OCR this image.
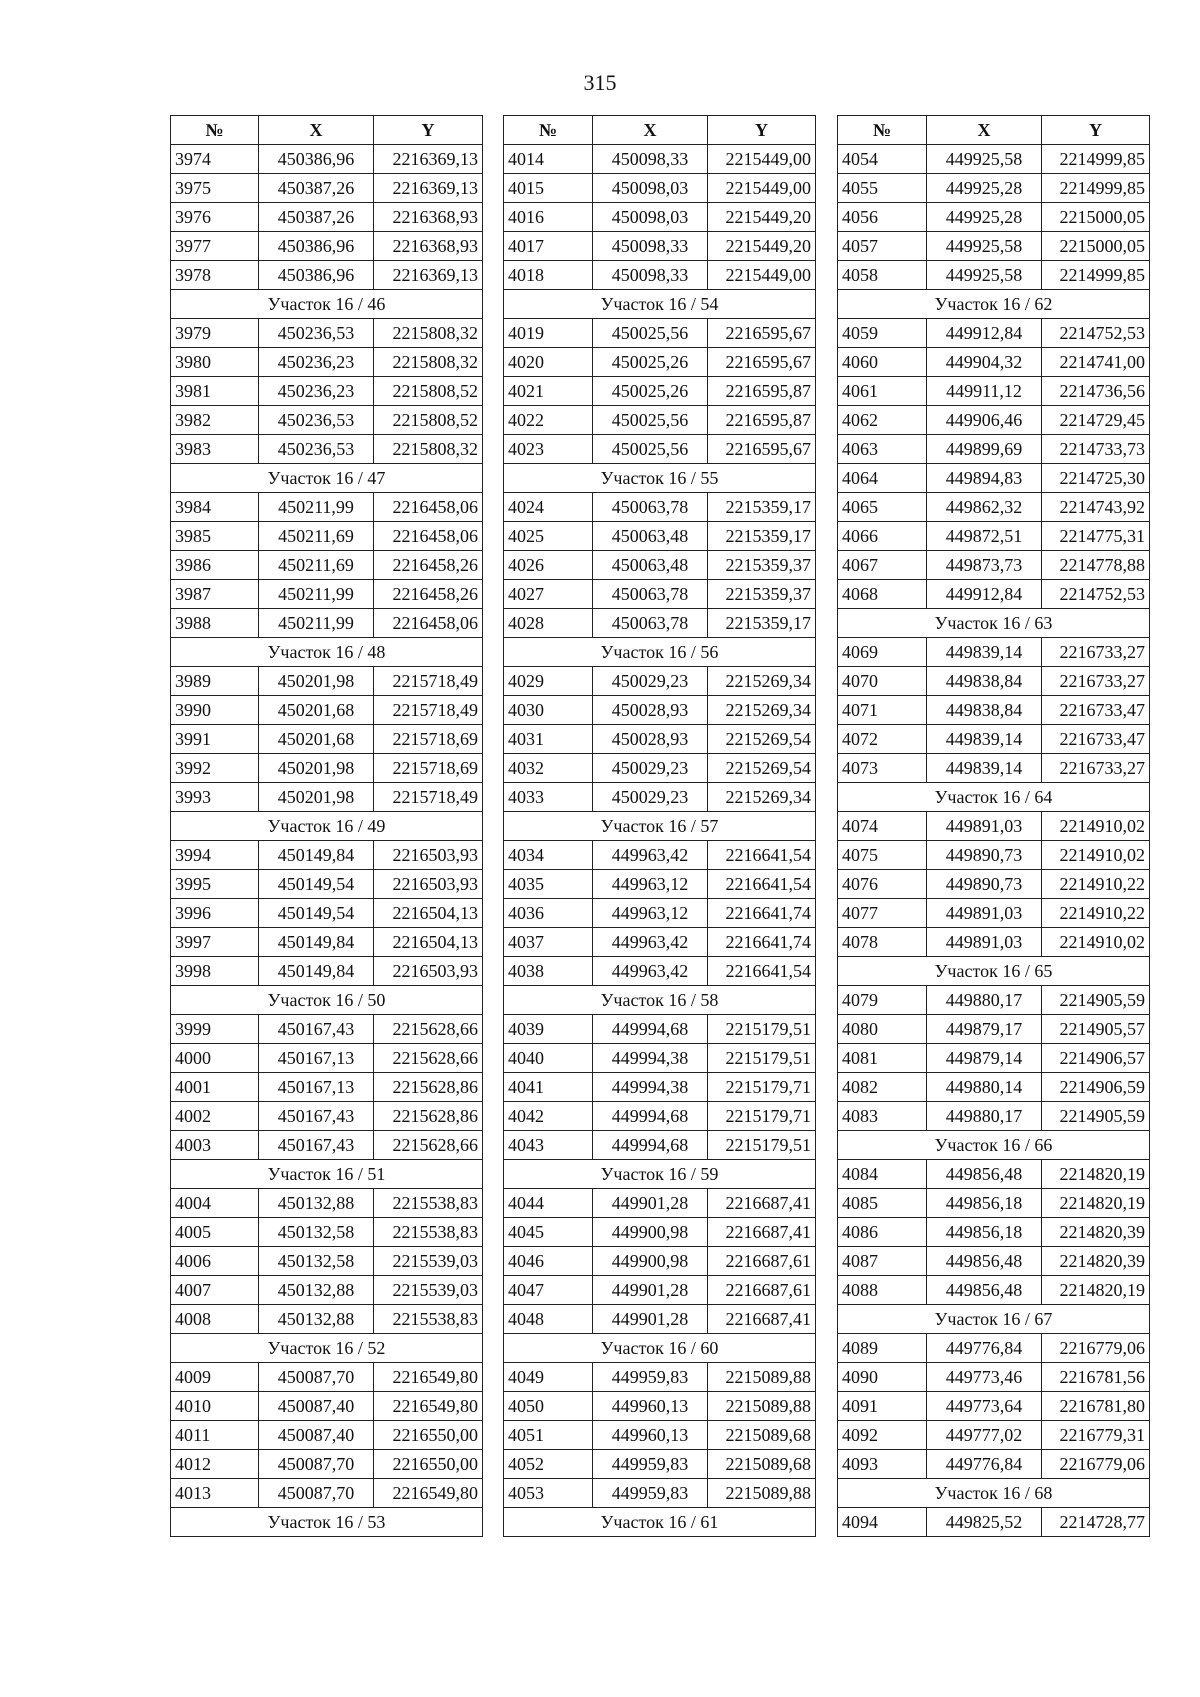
315
№	X	Y
3974	450386,96	2216369,13
3975	450387,26	2216369,13
3976	450387,26	2216368,93
3977	450386,96	2216368,93
3978	450386,96	2216369,13
Участок 16 / 46		
3979	450236,53	2215808,32
3980	450236,23	2215808,32
3981	450236,23	2215808,52
3982	450236,53	2215808,52
3983	450236,53	2215808,32
Участок 16 / 47		
3984	450211,99	2216458,06
3985	450211,69	2216458,06
3986	450211,69	2216458,26
3987	450211,99	2216458,26
3988	450211,99	2216458,06
Участок 16 / 48		
3989	450201,98	2215718,49
3990	450201,68	2215718,49
3991	450201,68	2215718,69
3992	450201,98	2215718,69
3993	450201,98	2215718,49
Участок 16 / 49		
3994	450149,84	2216503,93
3995	450149,54	2216503,93
3996	450149,54	2216504,13
3997	450149,84	2216504,13
3998	450149,84	2216503,93
Участок 16 / 50		
3999	450167,43	2215628,66
4000	450167,13	2215628,66
4001	450167,13	2215628,86
4002	450167,43	2215628,86
4003	450167,43	2215628,66
Участок 16 / 51		
4004	450132,88	2215538,83
4005	450132,58	2215538,83
4006	450132,58	2215539,03
4007	450132,88	2215539,03
4008	450132,88	2215538,83
Участок 16 / 52		
4009	450087,70	2216549,80
4010	450087,40	2216549,80
4011	450087,40	2216550,00
4012	450087,70	2216550,00
4013	450087,70	2216549,80
Участок 16 / 53		
№	X	Y
4014	450098,33	2215449,00
4015	450098,03	2215449,00
4016	450098,03	2215449,20
4017	450098,33	2215449,20
4018	450098,33	2215449,00
Участок 16 / 54		
4019	450025,56	2216595,67
4020	450025,26	2216595,67
4021	450025,26	2216595,87
4022	450025,56	2216595,87
4023	450025,56	2216595,67
Участок 16 / 55		
4024	450063,78	2215359,17
4025	450063,48	2215359,17
4026	450063,48	2215359,37
4027	450063,78	2215359,37
4028	450063,78	2215359,17
Участок 16 / 56		
4029	450029,23	2215269,34
4030	450028,93	2215269,34
4031	450028,93	2215269,54
4032	450029,23	2215269,54
4033	450029,23	2215269,34
Участок 16 / 57		
4034	449963,42	2216641,54
4035	449963,12	2216641,54
4036	449963,12	2216641,74
4037	449963,42	2216641,74
4038	449963,42	2216641,54
Участок 16 / 58		
4039	449994,68	2215179,51
4040	449994,38	2215179,51
4041	449994,38	2215179,71
4042	449994,68	2215179,71
4043	449994,68	2215179,51
Участок 16 / 59		
4044	449901,28	2216687,41
4045	449900,98	2216687,41
4046	449900,98	2216687,61
4047	449901,28	2216687,61
4048	449901,28	2216687,41
Участок 16 / 60		
4049	449959,83	2215089,88
4050	449960,13	2215089,88
4051	449960,13	2215089,68
4052	449959,83	2215089,68
4053	449959,83	2215089,88
Участок 16 / 61		
№	X	Y
4054	449925,58	2214999,85
4055	449925,28	2214999,85
4056	449925,28	2215000,05
4057	449925,58	2215000,05
4058	449925,58	2214999,85
Участок 16 / 62		
4059	449912,84	2214752,53
4060	449904,32	2214741,00
4061	449911,12	2214736,56
4062	449906,46	2214729,45
4063	449899,69	2214733,73
4064	449894,83	2214725,30
4065	449862,32	2214743,92
4066	449872,51	2214775,31
4067	449873,73	2214778,88
4068	449912,84	2214752,53
Участок 16 / 63		
4069	449839,14	2216733,27
4070	449838,84	2216733,27
4071	449838,84	2216733,47
4072	449839,14	2216733,47
4073	449839,14	2216733,27
Участок 16 / 64		
4074	449891,03	2214910,02
4075	449890,73	2214910,02
4076	449890,73	2214910,22
4077	449891,03	2214910,22
4078	449891,03	2214910,02
Участок 16 / 65		
4079	449880,17	2214905,59
4080	449879,17	2214905,57
4081	449879,14	2214906,57
4082	449880,14	2214906,59
4083	449880,17	2214905,59
Участок 16 / 66		
4084	449856,48	2214820,19
4085	449856,18	2214820,19
4086	449856,18	2214820,39
4087	449856,48	2214820,39
4088	449856,48	2214820,19
Участок 16 / 67		
4089	449776,84	2216779,06
4090	449773,46	2216781,56
4091	449773,64	2216781,80
4092	449777,02	2216779,31
4093	449776,84	2216779,06
Участок 16 / 68		
4094	449825,52	2214728,77
